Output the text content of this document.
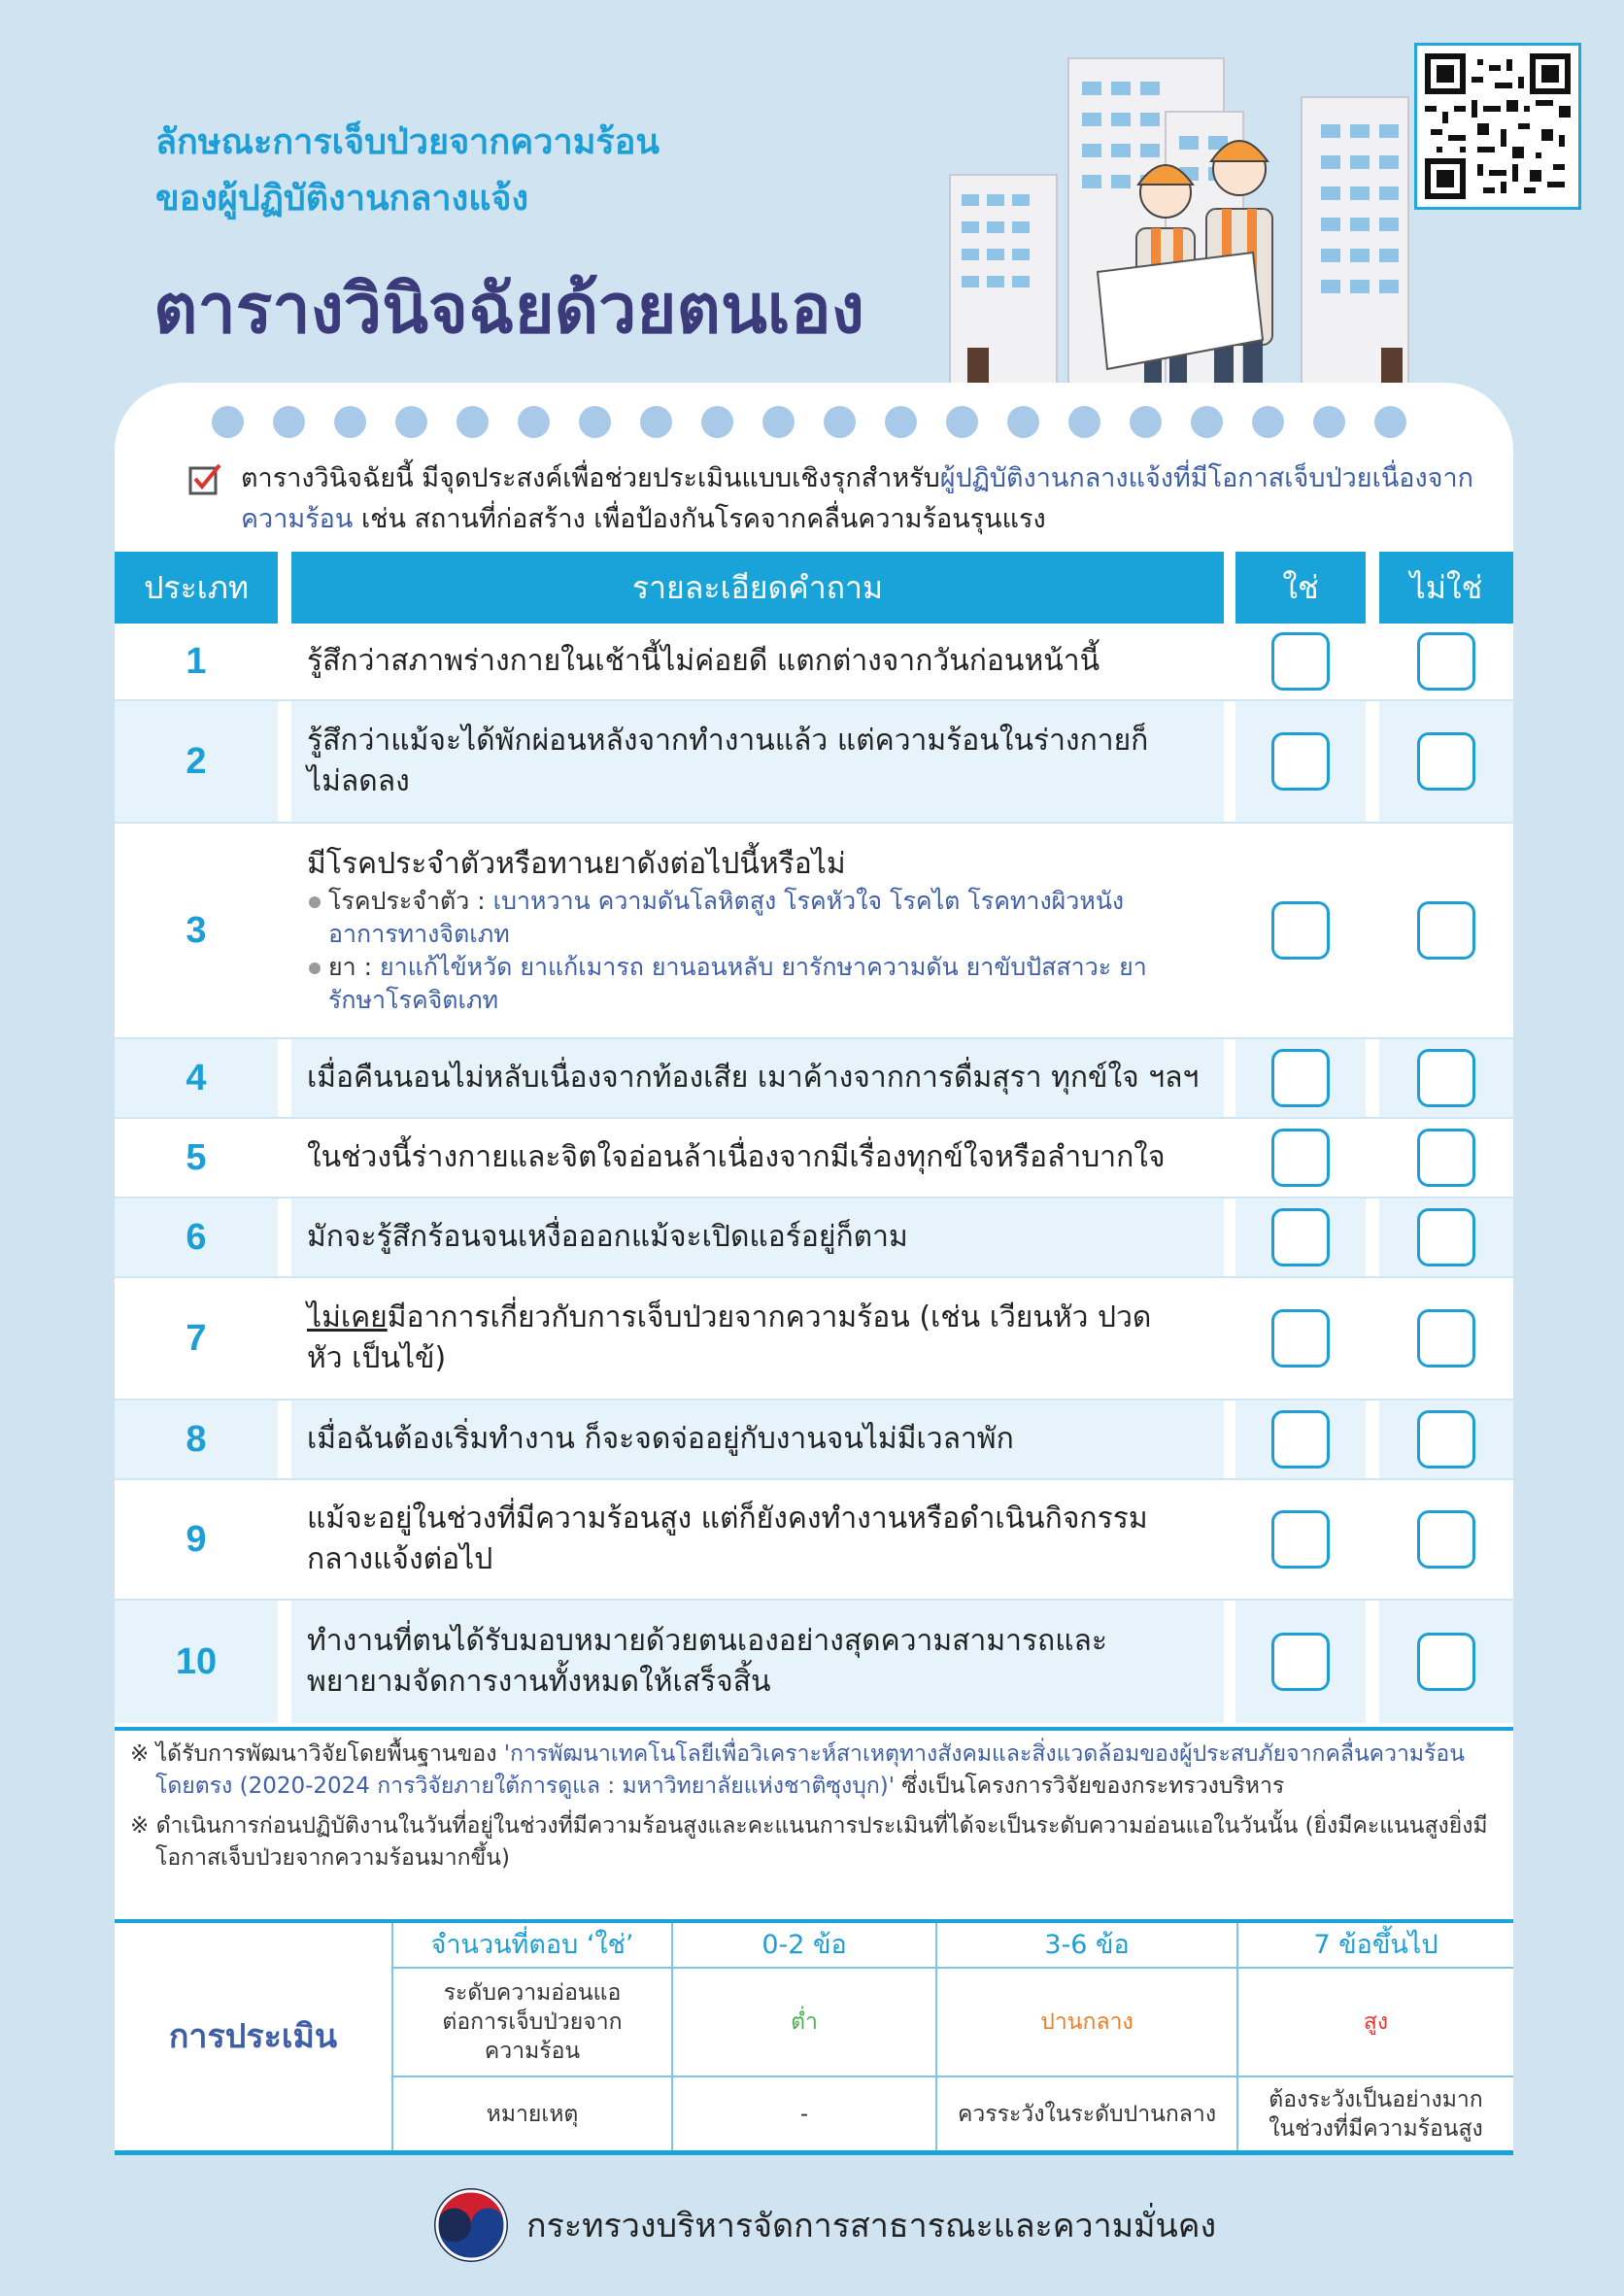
ลักษณะการเจ็บป่วยจากความร้อน
ของผู้ปฏิบัติงานกลางแจ้ง
ตารางวินิจฉัยด้วยตนเอง

ตารางวินิจฉัยนี้ มีจุดประสงค์เพื่อช่วยประเมินแบบเชิงรุกสำหรับผู้ปฏิบัติงานกลางแจ้งที่มีโอกาสเจ็บป่วยเนื่องจากความร้อน เช่น สถานที่ก่อสร้าง เพื่อป้องกันโรคจากคลื่นความร้อนรุนแรง

ประเภท	รายละเอียดคำถาม	ใช่	ไม่ใช่
1	รู้สึกว่าสภาพร่างกายในเช้านี้ไม่ค่อยดี แตกต่างจากวันก่อนหน้านี้
2	รู้สึกว่าแม้จะได้พักผ่อนหลังจากทำงานแล้ว แต่ความร้อนในร่างกายก็ไม่ลดลง
3
มีโรคประจำตัวหรือทานยาดังต่อไปนี้หรือไม่
โรคประจำตัว : เบาหวาน ความดันโลหิตสูง โรคหัวใจ โรคไต โรคทางผิวหนัง อาการทางจิตเภท
ยา : ยาแก้ไข้หวัด ยาแก้เมารถ ยานอนหลับ ยารักษาความดัน ยาขับปัสสาวะ ยารักษาโรคจิตเภท
4	เมื่อคืนนอนไม่หลับเนื่องจากท้องเสีย เมาค้างจากการดื่มสุรา ทุกข์ใจ ฯลฯ
5	ในช่วงนี้ร่างกายและจิตใจอ่อนล้าเนื่องจากมีเรื่องทุกข์ใจหรือลำบากใจ
6	มักจะรู้สึกร้อนจนเหงื่อออกแม้จะเปิดแอร์อยู่ก็ตาม
7	ไม่เคยมีอาการเกี่ยวกับการเจ็บป่วยจากความร้อน (เช่น เวียนหัว ปวดหัว เป็นไข้)
8	เมื่อฉันต้องเริ่มทำงาน ก็จะจดจ่ออยู่กับงานจนไม่มีเวลาพัก
9	แม้จะอยู่ในช่วงที่มีความร้อนสูง แต่ก็ยังคงทำงานหรือดำเนินกิจกรรมกลางแจ้งต่อไป
10	ทำงานที่ตนได้รับมอบหมายด้วยตนเองอย่างสุดความสามารถและพยายามจัดการงานทั้งหมดให้เสร็จสิ้น

※ ได้รับการพัฒนาวิจัยโดยพื้นฐานของ 'การพัฒนาเทคโนโลยีเพื่อวิเคราะห์สาเหตุทางสังคมและสิ่งแวดล้อมของผู้ประสบภัยจากคลื่นความร้อนโดยตรง (2020-2024 การวิจัยภายใต้การดูแล : มหาวิทยาลัยแห่งชาติซุงบุก)' ซึ่งเป็นโครงการวิจัยของกระทรวงบริหาร

※ ดำเนินการก่อนปฏิบัติงานในวันที่อยู่ในช่วงที่มีความร้อนสูงและคะแนนการประเมินที่ได้จะเป็นระดับความอ่อนแอในวันนั้น (ยิ่งมีคะแนนสูงยิ่งมีโอกาสเจ็บป่วยจากความร้อนมากขึ้น)

การประเมิน	จำนวนที่ตอบ ‘ใช่’	0-2 ข้อ	3-6 ข้อ	7 ข้อขึ้นไป
	ระดับความอ่อนแอต่อการเจ็บป่วยจากความร้อน	ต่ำ	ปานกลาง	สูง
	หมายเหตุ	-	ควรระวังในระดับปานกลาง	ต้องระวังเป็นอย่างมากในช่วงที่มีความร้อนสูง
กระทรวงบริหารจัดการสาธารณะและความมั่นคง
